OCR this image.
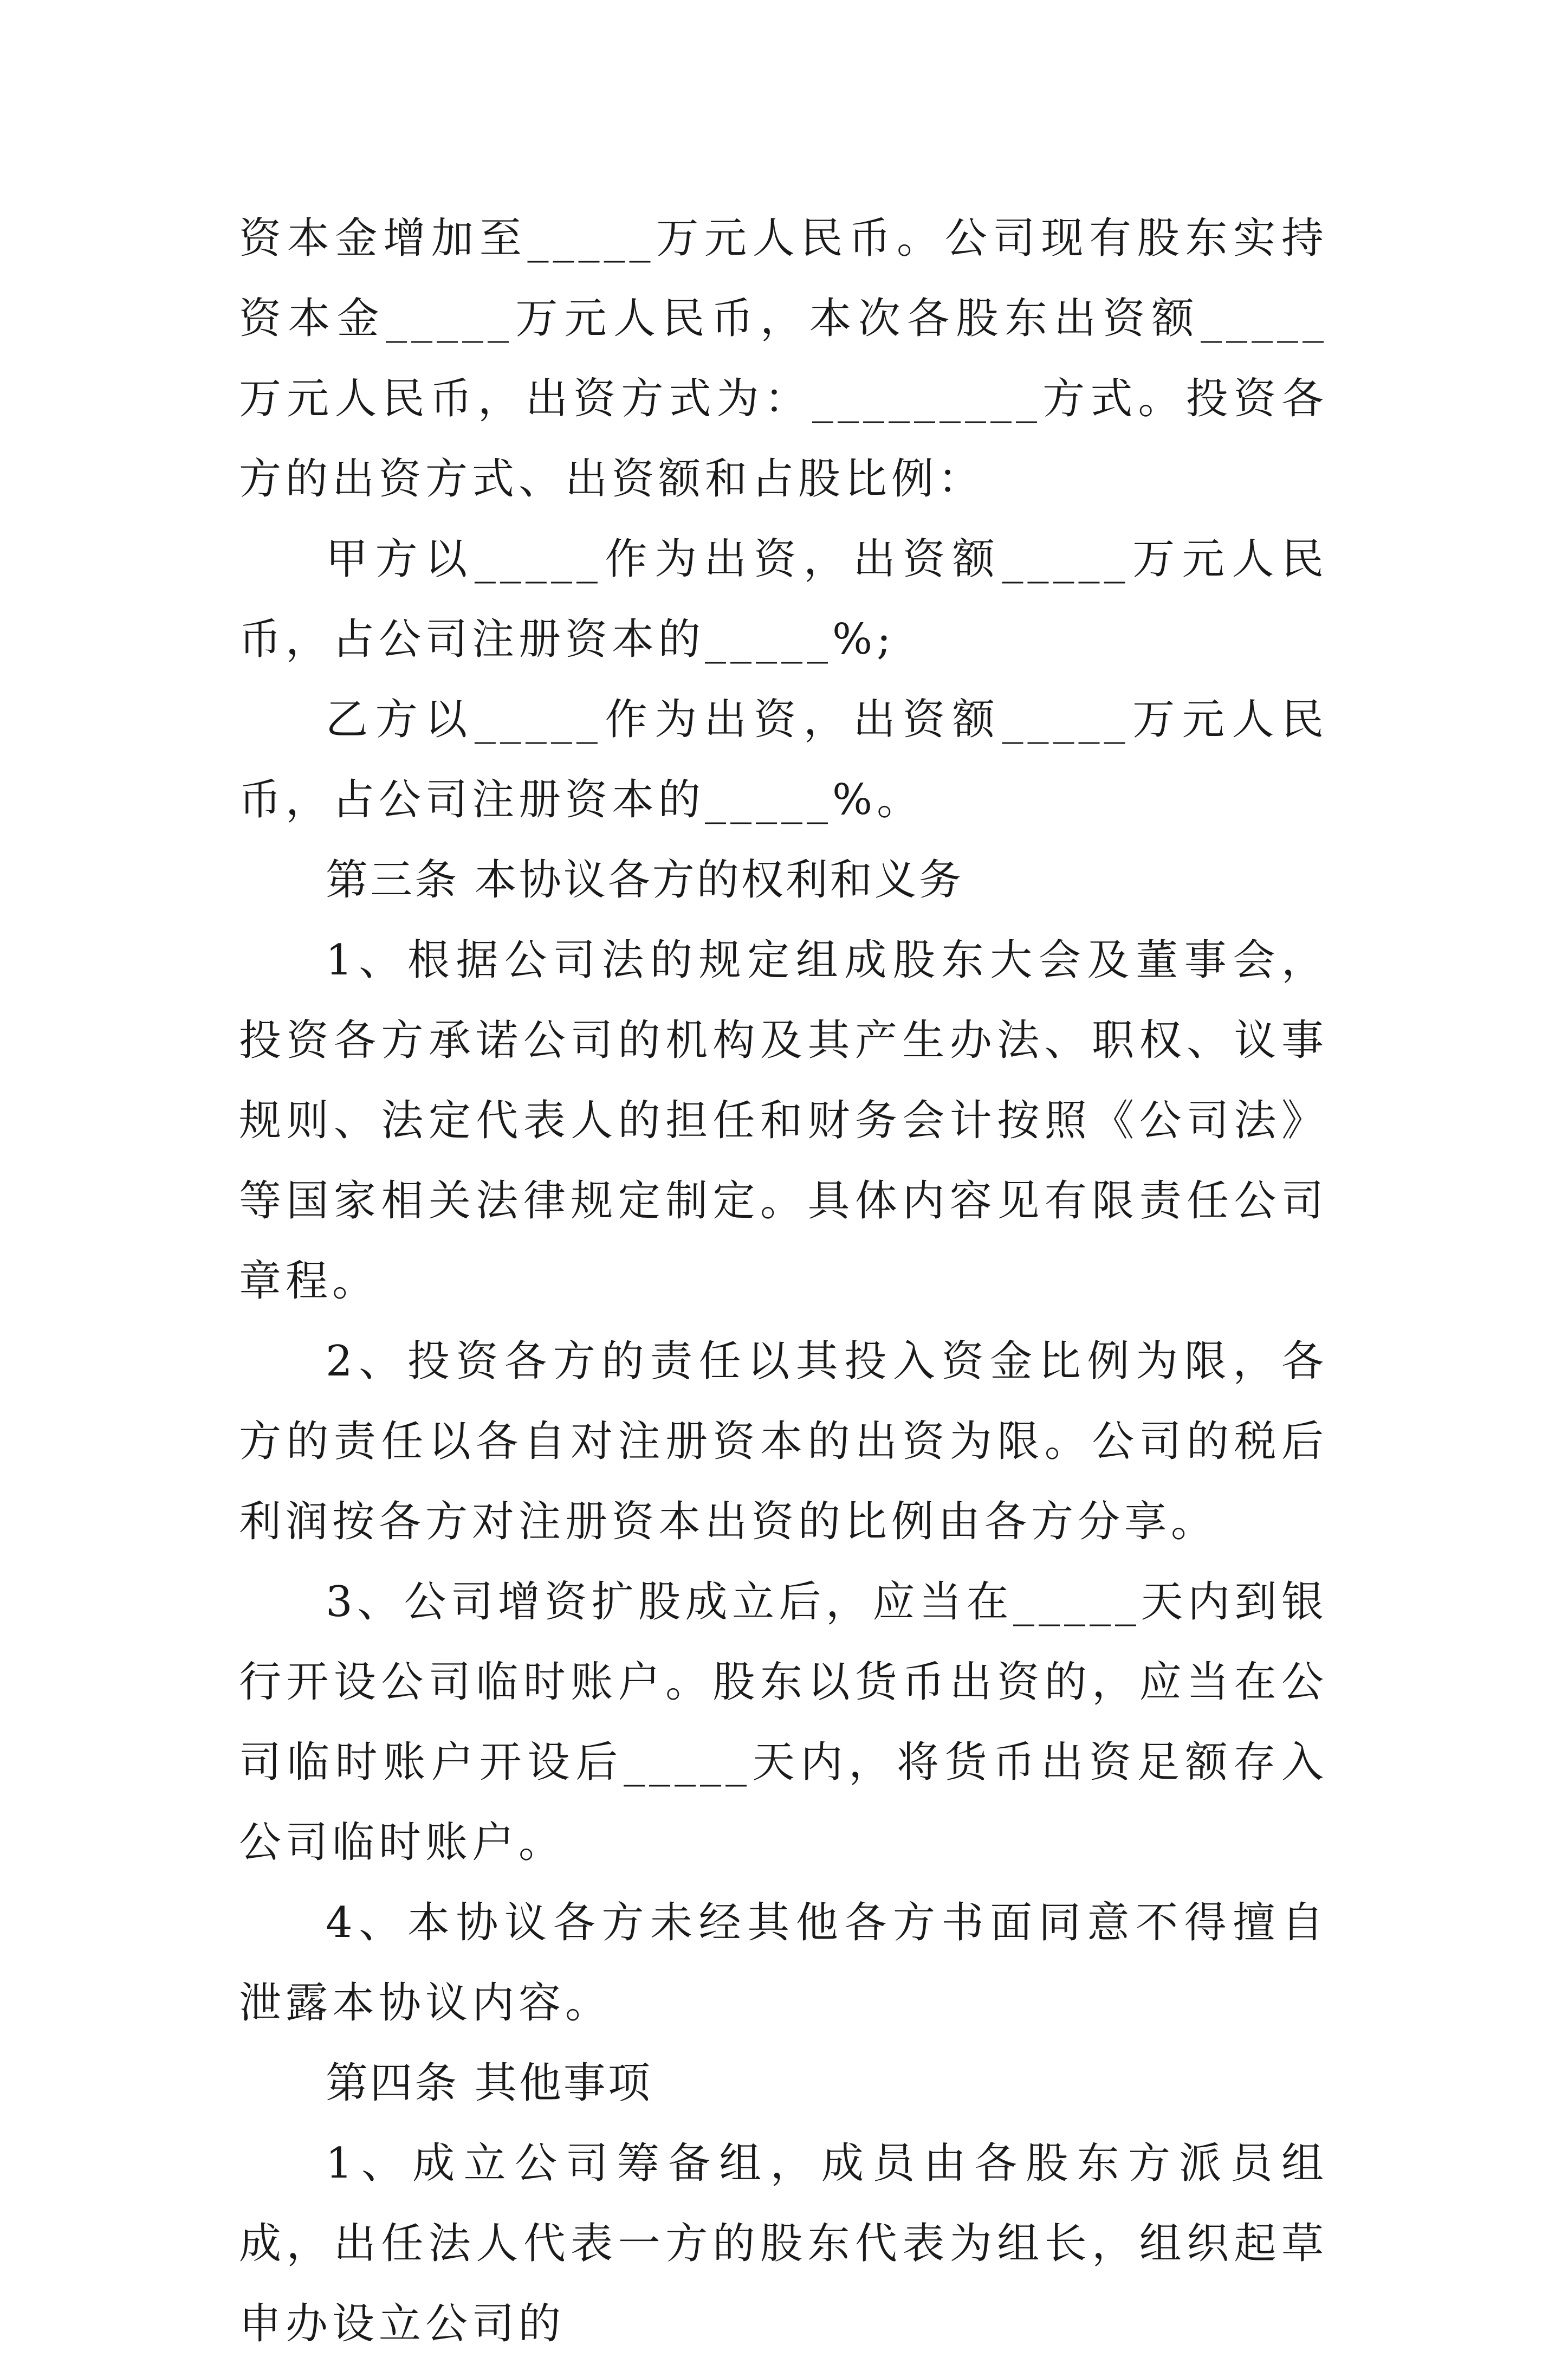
资本金增加至_____万元人民币。公司现有股东实持资本金_____万元人民币，本次各股东出资额_____万元人民币，出资方式为：_________方式。投资各方的出资方式、出资额和占股比例：

甲方以_____作为出资，出资额_____万元人民币，占公司注册资本的_____%;

乙方以_____作为出资，出资额_____万元人民币，占公司注册资本的_____%。

第三条 本协议各方的权利和义务

1、根据公司法的规定组成股东大会及董事会，投资各方承诺公司的机构及其产生办法、职权、议事规则、法定代表人的担任和财务会计按照《公司法》等国家相关法律规定制定。具体内容见有限责任公司章程。

2、投资各方的责任以其投入资金比例为限，各方的责任以各自对注册资本的出资为限。公司的税后利润按各方对注册资本出资的比例由各方分享。

3、公司增资扩股成立后，应当在_____天内到银行开设公司临时账户。股东以货币出资的，应当在公司临时账户开设后_____天内，将货币出资足额存入公司临时账户。

4、本协议各方未经其他各方书面同意不得擅自泄露本协议内容。

第四条 其他事项

1、成立公司筹备组，成员由各股东方派员组成，出任法人代表一方的股东代表为组长，组织起草申办设立公司的
